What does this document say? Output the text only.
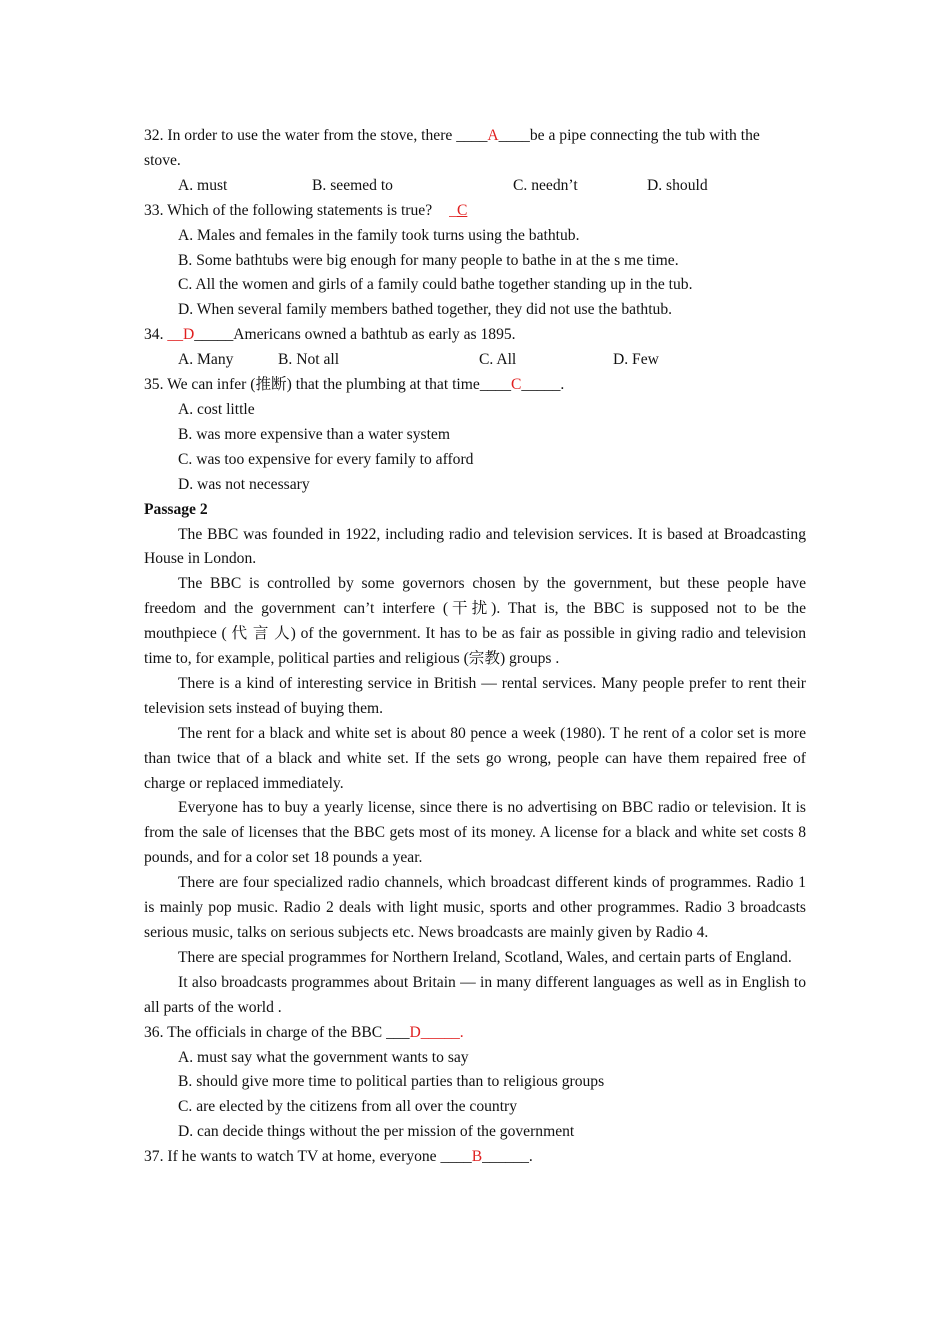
32. In order to use the water from the stove, there ____A____be a pipe connecting the tub with the
stove.
A. must	B. seemed to	C. needn’t	D. should
33. Which of the following statements is true? _C
A. Males and females in the family took turns using the bathtub.
B. Some bathtubs were big enough for many people to bathe in at the s me time.
C. All the women and girls of a family could bathe together standing up in the tub.
D. When several family members bathed together, they did not use the bathtub.
34. __D_____Americans owned a bathtub as early as 1895.
A. Many	B. Not all	C. All	D. Few
35. We can infer (推断) that the plumbing at that time____C_____.
A. cost little
B. was more expensive than a water system
C. was too expensive for every family to afford
D. was not necessary
Passage 2
The BBC was founded in 1922, including radio and television services. It is based at Broadcasting House in London.
The BBC is controlled by some governors chosen by the government, but these people have freedom and the government can’t interfere (干扰). That is, the BBC is supposed not to be the mouthpiece ( 代 言 人) of the government. It has to be as fair as possible in giving radio and television time to, for example, political parties and religious (宗教) groups .
There is a kind of interesting service in British — rental services. Many people prefer to rent their television sets instead of buying them.
The rent for a black and white set is about 80 pence a week (1980). T he rent of a color set is more than twice that of a black and white set. If the sets go wrong, people can have them repaired free of charge or replaced immediately.
Everyone has to buy a yearly license, since there is no advertising on BBC radio or television. It is from the sale of licenses that the BBC gets most of its money. A license for a black and white set costs 8 pounds, and for a color set 18 pounds a year.
There are four specialized radio channels, which broadcast different kinds of programmes. Radio 1 is mainly pop music. Radio 2 deals with light music, sports and other programmes. Radio 3 broadcasts serious music, talks on serious subjects etc. News broadcasts are mainly given by Radio 4.
There are special programmes for Northern Ireland, Scotland, Wales, and certain parts of England.
It also broadcasts programmes about Britain — in many different languages as well as in English to all parts of the world .
36. The officials in charge of the BBC ___D_____.
A. must say what the government wants to say
B. should give more time to political parties than to religious groups
C. are elected by the citizens from all over the country
D. can decide things without the per mission of the government
37. If he wants to watch TV at home, everyone ____B______.
